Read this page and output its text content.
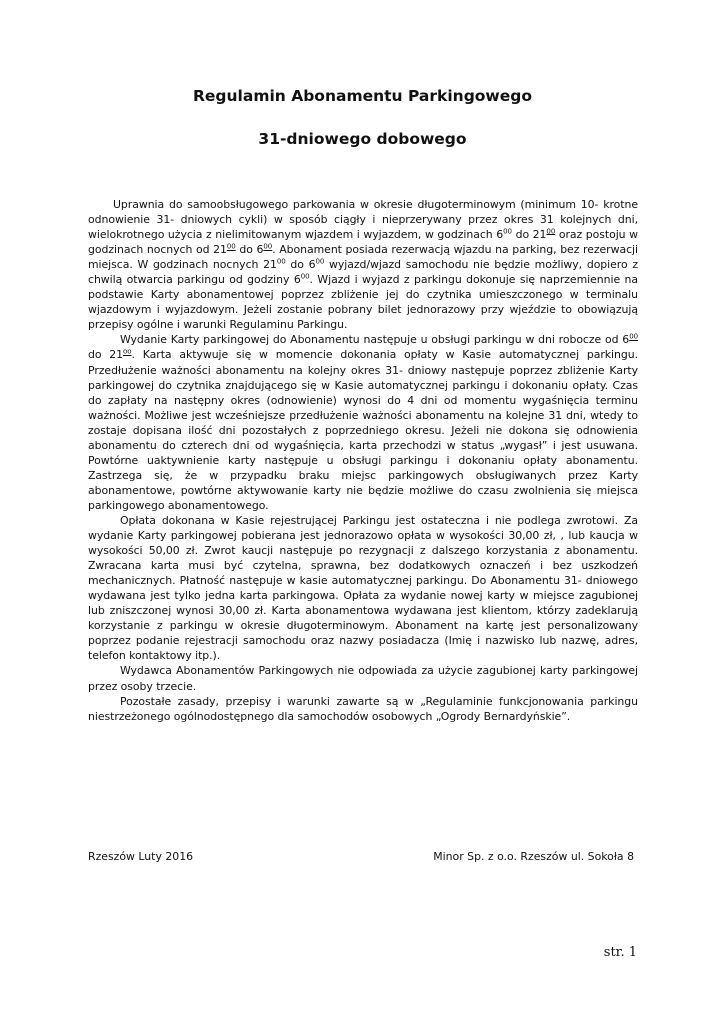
Regulamin Abonamentu Parkingowego
31-dniowego dobowego

Uprawnia do samoobsługowego parkowania w okresie długoterminowym (minimum 10- krotne odnowienie 31- dniowych cykli) w sposób ciągły i nieprzerywany przez okres 31 kolejnych dni, wielokrotnego użycia z nielimitowanym wjazdem i wyjazdem, w godzinach $6^{00}$ do $21^{00}$ oraz postoju w godzinach nocnych od $21^{00}$ do $6^{00}$. Abonament posiada rezerwacją wjazdu na parking, bez rezerwacji miejsca. W godzinach nocnych $21^{00}$ do $6^{00}$ wyjazd/wjazd samochodu nie będzie możliwy, dopiero z chwilą otwarcia parkingu od godziny $6^{00}$. Wjazd i wyjazd z parkingu dokonuje się naprzemiennie na podstawie Karty abonamentowej poprzez zbliżenie jej do czytnika umieszczonego w terminalu wjazdowym i wyjazdowym. Jeżeli zostanie pobrany bilet jednorazowy przy wjeździe to obowiązują przepisy ogólne i warunki Regulaminu Parkingu.

Wydanie Karty parkingowej do Abonamentu następuje u obsługi parkingu w dni robocze od $6^{00}$ do $21^{oo}$. Karta aktywuje się w momencie dokonania opłaty w Kasie automatycznej parkingu. Przedłużenie ważności abonamentu na kolejny okres 31- dniowy następuje poprzez zbliżenie Karty parkingowej do czytnika znajdującego się w Kasie automatycznej parkingu i dokonaniu opłaty. Czas do zapłaty na następny okres (odnowienie) wynosi do 4 dni od momentu wygaśnięcia terminu ważności. Możliwe jest wcześniejsze przedłużenie ważności abonamentu na kolejne 31 dni, wtedy to zostaje dopisana ilość dni pozostałych z poprzedniego okresu. Jeżeli nie dokona się odnowienia abonamentu do czterech dni od wygaśnięcia, karta przechodzi w status „wygasł” i jest usuwana. Powtórne uaktywnienie karty następuje u obsługi parkingu i dokonaniu opłaty abonamentu. Zastrzega się, że w przypadku braku miejsc parkingowych obsługiwanych przez Karty abonamentowe, powtórne aktywowanie karty nie będzie możliwe do czasu zwolnienia się miejsca parkingowego abonamentowego.

Opłata dokonana w Kasie rejestrującej Parkingu jest ostateczna i nie podlega zwrotowi. Za wydanie Karty parkingowej pobierana jest jednorazowo opłata w wysokości 30,00 zł, , lub kaucja w wysokości 50,00 zł. Zwrot kaucji następuje po rezygnacji z dalszego korzystania z abonamentu. Zwracana karta musi być czytelna, sprawna, bez dodatkowych oznaczeń i bez uszkodzeń mechanicznych. Płatność następuje w kasie automatycznej parkingu. Do Abonamentu 31- dniowego wydawana jest tylko jedna karta parkingowa. Opłata za wydanie nowej karty w miejsce zagubionej lub zniszczonej wynosi 30,00 zł. Karta abonamentowa wydawana jest klientom, którzy zadeklarują korzystanie z parkingu w okresie długoterminowym. Abonament na kartę jest personalizowany poprzez podanie rejestracji samochodu oraz nazwy posiadacza (Imię i nazwisko lub nazwę, adres, telefon kontaktowy itp.).

Wydawca Abonamentów Parkingowych nie odpowiada za użycie zagubionej karty parkingowej przez osoby trzecie.

Pozostałe zasady, przepisy i warunki zawarte są w „Regulaminie funkcjonowania parkingu niestrzeżonego ogólnodostępnego dla samochodów osobowych „Ogrody Bernardyńskie”.

Rzeszów Luty 2016	Minor Sp. z o.o. Rzeszów ul. Sokoła 8
str. 1
